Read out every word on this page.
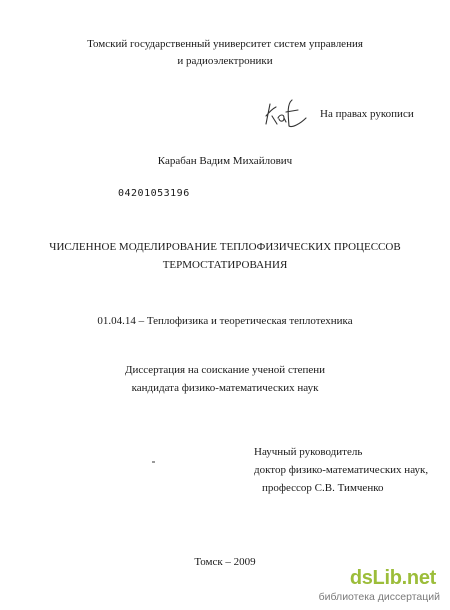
Томский государственный университет систем управления
и радиоэлектроники
На правах рукописи
Карабан Вадим Михайлович
04201053196
ЧИСЛЕННОЕ МОДЕЛИРОВАНИЕ ТЕПЛОФИЗИЧЕСКИХ ПРОЦЕССОВ
ТЕРМОСТАТИРОВАНИЯ
01.04.14 – Теплофизика и теоретическая теплотехника
Диссертация на соискание ученой степени
кандидата физико-математических наук
Научный руководитель
доктор физико-математических наук,
профессор С.В. Тимченко
Томск – 2009
dsLib.net
библиотека диссертаций
